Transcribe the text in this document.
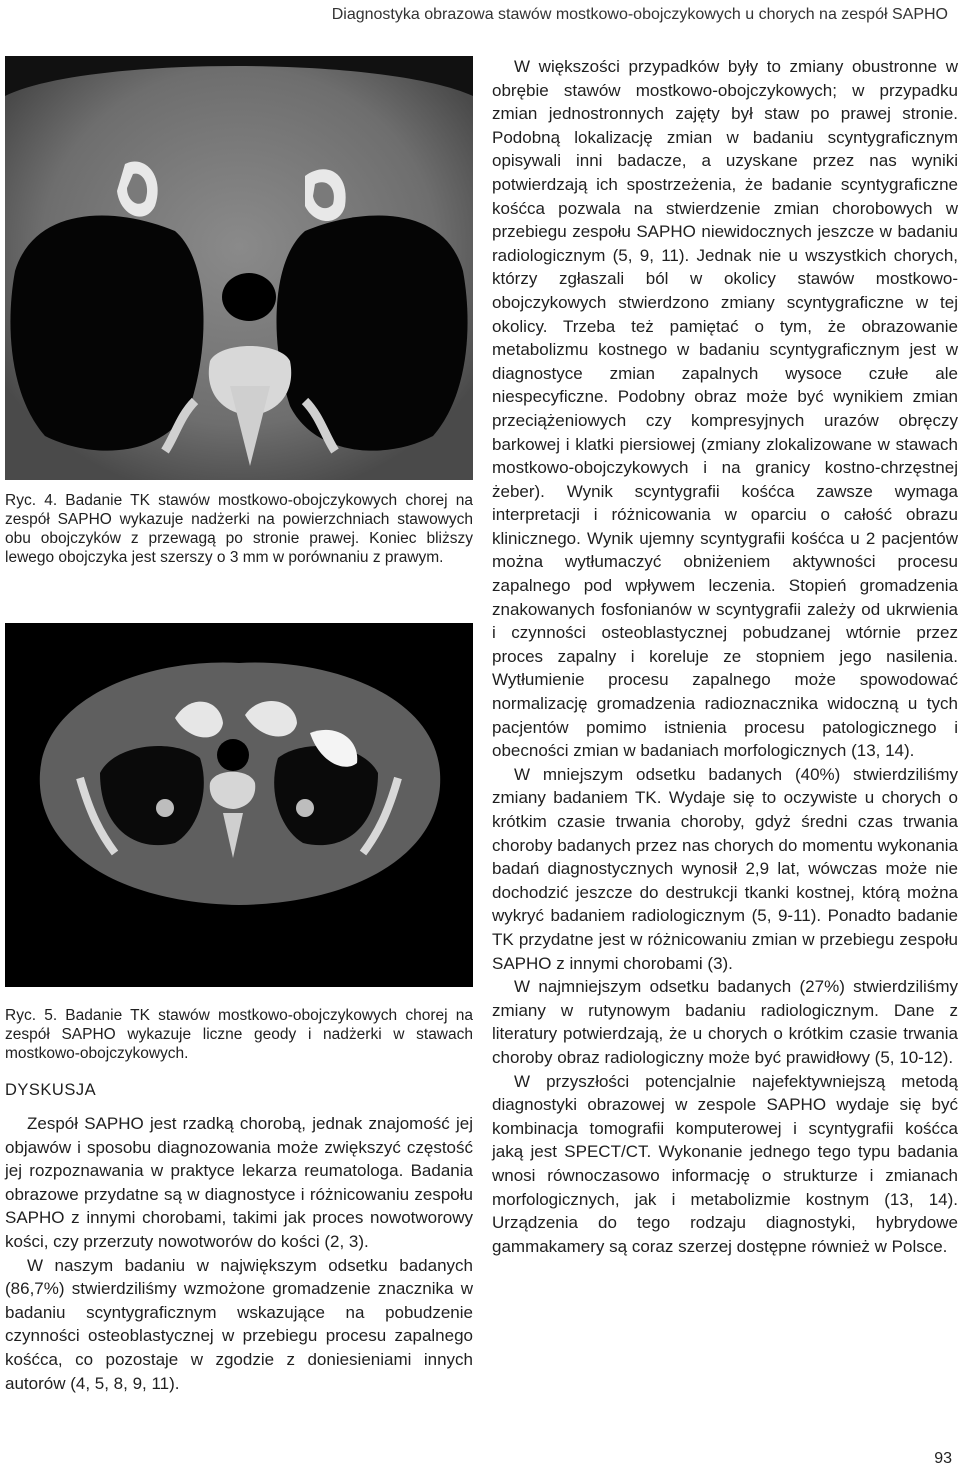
Diagnostyka obrazowa stawów mostkowo-obojczykowych u chorych na zespół SAPHO
Ryc. 4. Badanie TK stawów mostkowo-obojczykowych chorej na zespół SAPHO wykazuje nadżerki na powierzchniach stawowych obu obojczyków z przewagą po stronie prawej. Koniec bliższy lewego obojczyka jest szerszy o 3 mm w porównaniu z prawym.
Ryc. 5. Badanie TK stawów mostkowo-obojczykowych chorej na zespół SAPHO wykazuje liczne geody i nadżerki w stawach mostkowo-obojczykowych.
DYSKUSJA

Zespół SAPHO jest rzadką chorobą, jednak znajomość jej objawów i sposobu diagnozowania może zwiększyć częstość jej rozpoznawania w praktyce lekarza reumatologa. Badania obrazowe przydatne są w diagnostyce i różnicowaniu zespołu SAPHO z innymi chorobami, takimi jak proces nowotworowy kości, czy przerzuty nowotworów do kości (2, 3).

W naszym badaniu w największym odsetku badanych (86,7%) stwierdziliśmy wzmożone gromadzenie znacznika w badaniu scyntygraficznym wskazujące na pobudzenie czynności osteoblastycznej w przebiegu procesu zapalnego kośćca, co pozostaje w zgodzie z doniesieniami innych autorów (4, 5, 8, 9, 11).

W większości przypadków były to zmiany obustronne w obrębie stawów mostkowo-obojczykowych; w przypadku zmian jednostronnych zajęty był staw po prawej stronie. Podobną lokalizację zmian w badaniu scyntygraficznym opisywali inni badacze, a uzyskane przez nas wyniki potwierdzają ich spostrzeżenia, że badanie scyntygraficzne kośćca pozwala na stwierdzenie zmian chorobowych w przebiegu zespołu SAPHO niewidocznych jeszcze w badaniu radiologicznym (5, 9, 11). Jednak nie u wszystkich chorych, którzy zgłaszali ból w okolicy stawów mostkowo-obojczykowych stwierdzono zmiany scyntygraficzne w tej okolicy. Trzeba też pamiętać o tym, że obrazowanie metabolizmu kostnego w badaniu scyntygraficznym jest w diagnostyce zmian zapalnych wysoce czułe ale niespecyficzne. Podobny obraz może być wynikiem zmian przeciążeniowych czy kompresyjnych urazów obręczy barkowej i klatki piersiowej (zmiany zlokalizowane w stawach mostkowo-obojczykowych i na granicy kostno-chrzęstnej żeber). Wynik scyntygrafii kośćca zawsze wymaga interpretacji i różnicowania w oparciu o całość obrazu klinicznego. Wynik ujemny scyntygrafii kośćca u 2 pacjentów można wytłumaczyć obniżeniem aktywności procesu zapalnego pod wpływem leczenia. Stopień gromadzenia znakowanych fosfonianów w scyntygrafii zależy od ukrwienia i czynności osteoblastycznej pobudzanej wtórnie przez proces zapalny i koreluje ze stopniem jego nasilenia. Wytłumienie procesu zapalnego może spowodować normalizację gromadzenia radioznacznika widoczną u tych pacjentów pomimo istnienia procesu patologicznego i obecności zmian w badaniach morfologicznych (13, 14).

W mniejszym odsetku badanych (40%) stwierdziliśmy zmiany badaniem TK. Wydaje się to oczywiste u chorych o krótkim czasie trwania choroby, gdyż średni czas trwania choroby badanych przez nas chorych do momentu wykonania badań diagnostycznych wynosił 2,9 lat, wówczas może nie dochodzić jeszcze do destrukcji tkanki kostnej, którą można wykryć badaniem radiologicznym (5, 9-11). Ponadto badanie TK przydatne jest w różnicowaniu zmian w przebiegu zespołu SAPHO z innymi chorobami (3).

W najmniejszym odsetku badanych (27%) stwierdziliśmy zmiany w rutynowym badaniu radiologicznym. Dane z literatury potwierdzają, że u chorych o krótkim czasie trwania choroby obraz radiologiczny może być prawidłowy (5, 10-12).

W przyszłości potencjalnie najefektywniejszą metodą diagnostyki obrazowej w zespole SAPHO wydaje się być kombinacja tomografii komputerowej i scyntygrafii kośćca jaką jest SPECT/CT. Wykonanie jednego tego typu badania wnosi równoczasowo informację o strukturze i zmianach morfologicznych, jak i metabolizmie kostnym (13, 14). Urządzenia do tego rodzaju diagnostyki, hybrydowe gammakamery są coraz szerzej dostępne również w Polsce.

93
